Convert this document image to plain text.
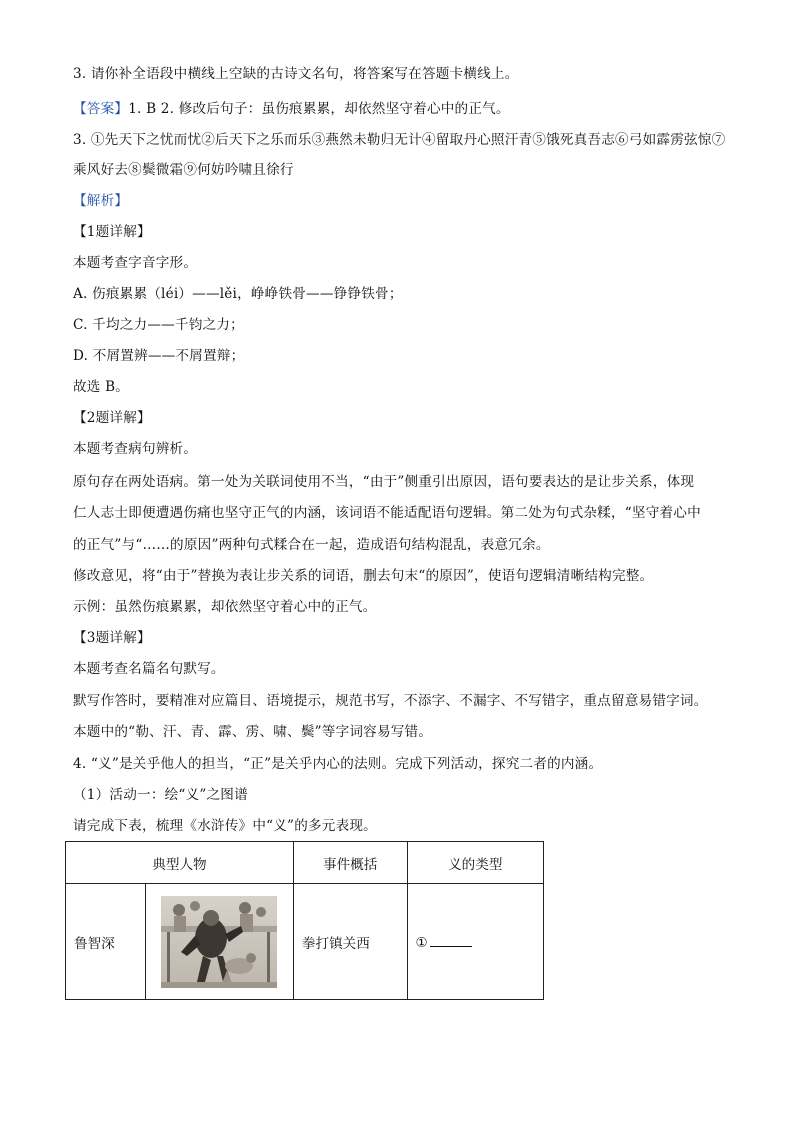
3. 请你补全语段中横线上空缺的古诗文名句，将答案写在答题卡横线上。
【答案】1. B 2. 修改后句子：虽伤痕累累，却依然坚守着心中的正气。
3. ①先天下之忧而忧②后天下之乐而乐③燕然未勒归无计④留取丹心照汗青⑤饿死真吾志⑥弓如霹雳弦惊⑦
乘风好去⑧鬓微霜⑨何妨吟啸且徐行
【解析】
【1题详解】
本题考查字音字形。
A. 伤痕累累（léi）——lěi，峥峥铁骨——铮铮铁骨；
C. 千均之力——千钧之力；
D. 不屑置辨——不屑置辩；
故选 B。
【2题详解】
本题考查病句辨析。
原句存在两处语病。第一处为关联词使用不当，“由于”侧重引出原因，语句要表达的是让步关系，体现
仁人志士即便遭遇伤痛也坚守正气的内涵，该词语不能适配语句逻辑。第二处为句式杂糅，“坚守着心中
的正气”与“……的原因”两种句式糅合在一起，造成语句结构混乱，表意冗余。
修改意见，将“由于”替换为表让步关系的词语，删去句末“的原因”，使语句逻辑清晰结构完整。
示例：虽然伤痕累累，却依然坚守着心中的正气。
【3题详解】
本题考查名篇名句默写。
默写作答时，要精准对应篇目、语境提示，规范书写，不添字、不漏字、不写错字，重点留意易错字词。
本题中的“勒、汗、青、霹、雳、啸、鬓”等字词容易写错。
4. “义”是关乎他人的担当，“正”是关乎内心的法则。完成下列活动，探究二者的内涵。
（1）活动一：绘“义”之图谱
请完成下表，梳理《水浒传》中“义”的多元表现。
典型人物		事件概括	义的类型
鲁智深		拳打镇关西	①
